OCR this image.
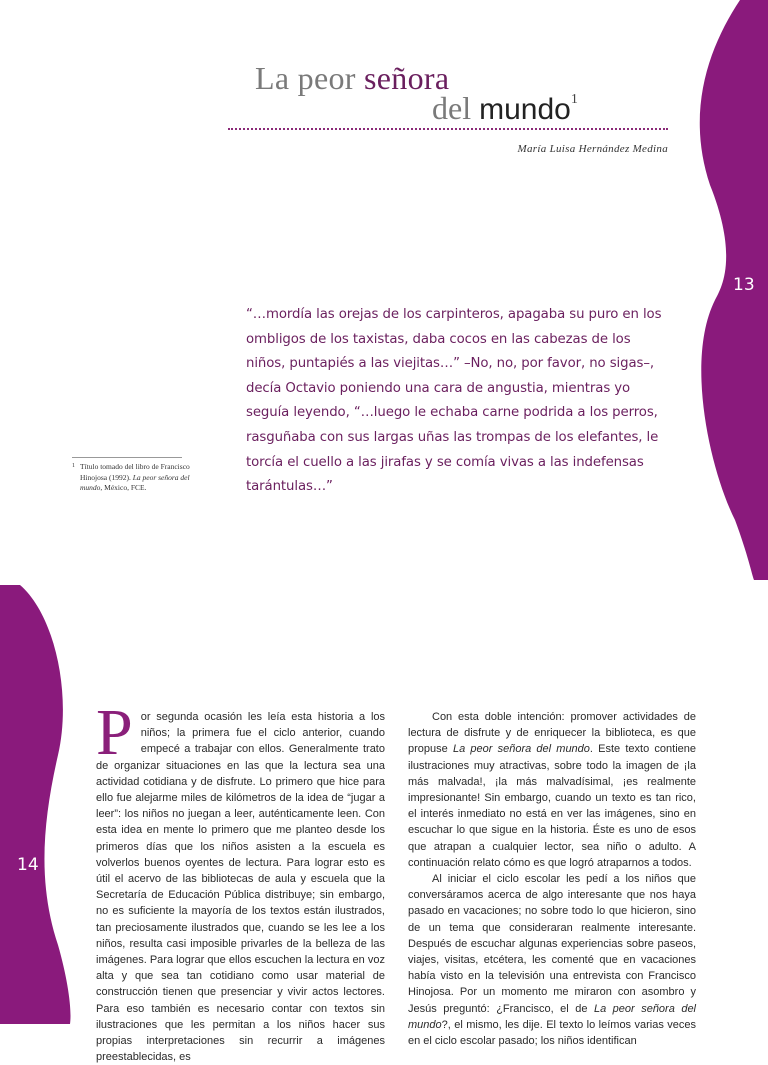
13
14
La peor señora
del mundo$^1$
María Luisa Hernández Medina
“…mordía las orejas de los carpinteros, apagaba su puro en los ombligos de los taxistas, daba cocos en las cabezas de los niños, puntapiés a las viejitas…” –No, no, por favor, no sigas–, decía Octavio poniendo una cara de angustia, mientras yo seguía leyendo, “…luego le echaba carne podrida a los perros, rasguñaba con sus largas uñas las trompas de los elefantes, le torcía el cuello a las jirafas y se comía vivas a las indefensas tarántulas…”
1 Título tomado del libro de Francisco Hinojosa (1992). La peor señora del mundo, México, FCE.

Por segunda ocasión les leía esta historia a los niños; la primera fue el ciclo anterior, cuando empecé a trabajar con ellos. Generalmente trato de organizar situaciones en las que la lectura sea una actividad cotidiana y de disfrute. Lo primero que hice para ello fue alejarme miles de kilómetros de la idea de “jugar a leer”: los niños no juegan a leer, auténticamente leen. Con esta idea en mente lo primero que me planteo desde los primeros días que los niños asisten a la escuela es volverlos buenos oyentes de lectura. Para lograr esto es útil el acervo de las bibliotecas de aula y escuela que la Secretaría de Educación Pública distribuye; sin embargo, no es suficiente la mayoría de los textos están ilustrados, tan preciosamente ilustrados que, cuando se les lee a los niños, resulta casi imposible privarles de la belleza de las imágenes. Para lograr que ellos escuchen la lectura en voz alta y que sea tan cotidiano como usar material de construcción tienen que presenciar y vivir actos lectores. Para eso también es necesario contar con textos sin ilustraciones que les permitan a los niños hacer sus propias interpretaciones sin recurrir a imágenes preestablecidas, es

Con esta doble intención: promover actividades de lectura de disfrute y de enriquecer la biblioteca, es que propuse La peor señora del mundo. Este texto contiene ilustraciones muy atractivas, sobre todo la imagen de ¡la más malvada!, ¡la más malvadísimal, ¡es realmente impresionante! Sin embargo, cuando un texto es tan rico, el interés inmediato no está en ver las imágenes, sino en escuchar lo que sigue en la historia. Éste es uno de esos que atrapan a cualquier lector, sea niño o adulto. A continuación relato cómo es que logró atraparnos a todos.

Al iniciar el ciclo escolar les pedí a los niños que conversáramos acerca de algo interesante que nos haya pasado en vacaciones; no sobre todo lo que hicieron, sino de un tema que consideraran realmente interesante. Después de escuchar algunas experiencias sobre paseos, viajes, visitas, etcétera, les comenté que en vacaciones había visto en la televisión una entrevista con Francisco Hinojosa. Por un momento me miraron con asombro y Jesús preguntó: ¿Francisco, el de La peor señora del mundo?, el mismo, les dije. El texto lo leímos varias veces en el ciclo escolar pasado; los niños identifican
